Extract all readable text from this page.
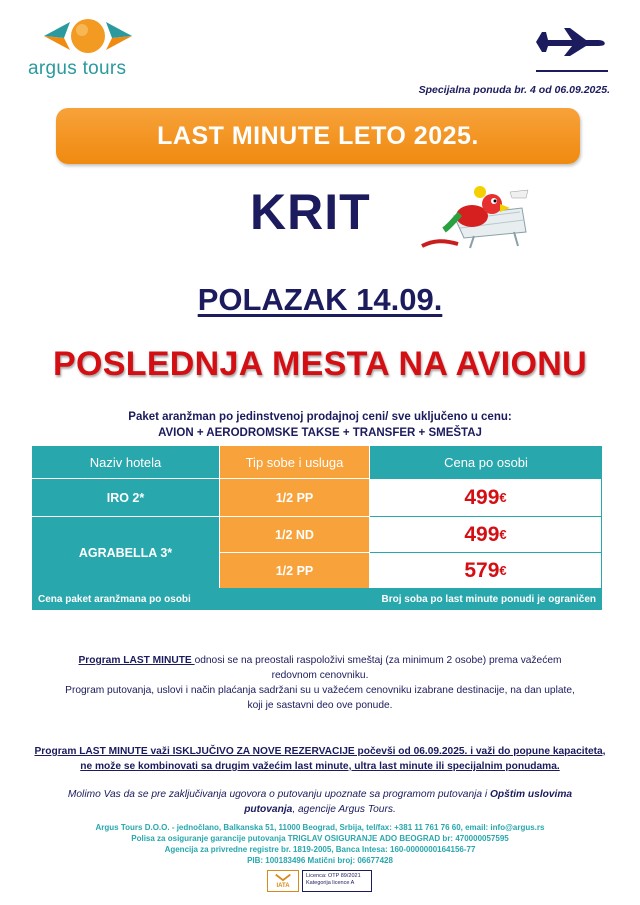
argus tours
Specijalna ponuda br. 4 od 06.09.2025.
LAST MINUTE LETO 2025.
KRIT
POLAZAK 14.09.
POSLEDNJA MESTA NA AVIONU
Paket aranžman po jedinstvenoj prodajnoj ceni/ sve uključeno u cenu:
AVION + AERODROMSKE TAKSE + TRANSFER + SMEŠTAJ
Naziv hotela	Tip sobe i usluga	Cena po osobi
IRO 2*	1/2 PP	499 €
AGRABELLA 3*
1/2 ND	499 €
1/2 PP	579 €
Cena paket aranžmana po osobi	Broj soba po last minute ponudi je ograničen
Program LAST MINUTE odnosi se na preostali raspoloživi smeštaj (za minimum 2 osobe) prema važećem
redovnom cenovniku.
Program putovanja, uslovi i način plaćanja sadržani su u važećem cenovniku izabrane destinacije, na dan uplate,
koji je sastavni deo ove ponude.
Program LAST MINUTE važi ISKLJUČIVO ZA NOVE REZERVACIJE počevši od 06.09.2025. i važi do popune kapaciteta,
ne može se kombinovati sa drugim važećim last minute, ultra last minute ili specijalnim ponudama.
Molimo Vas da se pre zaključivanja ugovora o putovanju upoznate sa programom putovanja i Opštim uslovima
putovanja, agencije Argus Tours.
Argus Tours D.O.O. - jednočlano, Balkanska 51, 11000 Beograd, Srbija, tel/fax: +381 11 761 76 60, email: info@argus.rs
Polisa za osiguranje garancije putovanja TRIGLAV OSIGURANJE ADO BEOGRAD br: 470000057595
Agencija za privredne registre br. 1819-2005, Banca Intesa: 160-0000000164156-77
PIB: 100183496 Matični broj: 06677428
IATA
Licenca: OTP 89/2021
Kategorija licence A
